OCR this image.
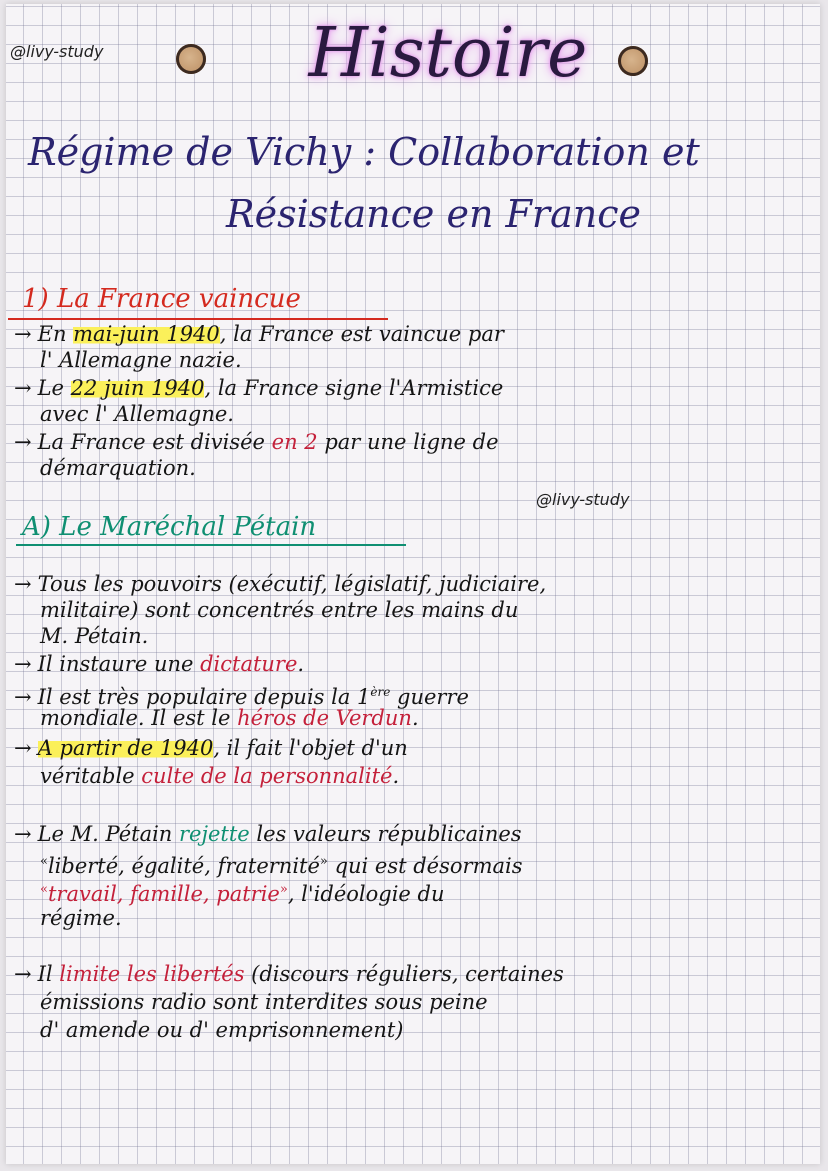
@livy-study	Histoire
Régime de Vichy : Collaboration et
Résistance en France
1) La France vaincue
→ En mai-juin 1940, la France est vaincue par
l' Allemagne nazie.
→ Le 22 juin 1940, la France signe l'Armistice
avec l' Allemagne.
→ La France est divisée en 2 par une ligne de
démarquation.
@livy-study
A) Le Maréchal Pétain
→ Tous les pouvoirs (exécutif, législatif, judiciaire,
militaire) sont concentrés entre les mains du
M. Pétain.
→ Il instaure une dictature.
→ Il est très populaire depuis la 1ère guerre
mondiale. Il est le héros de Verdun.
→ A partir de 1940, il fait l'objet d'un
véritable culte de la personnalité.
→ Le M. Pétain rejette les valeurs républicaines
«liberté, égalité, fraternité» qui est désormais
«travail, famille, patrie», l'idéologie du
régime.
→ Il limite les libertés (discours réguliers, certaines
émissions radio sont interdites sous peine
d' amende ou d' emprisonnement)
